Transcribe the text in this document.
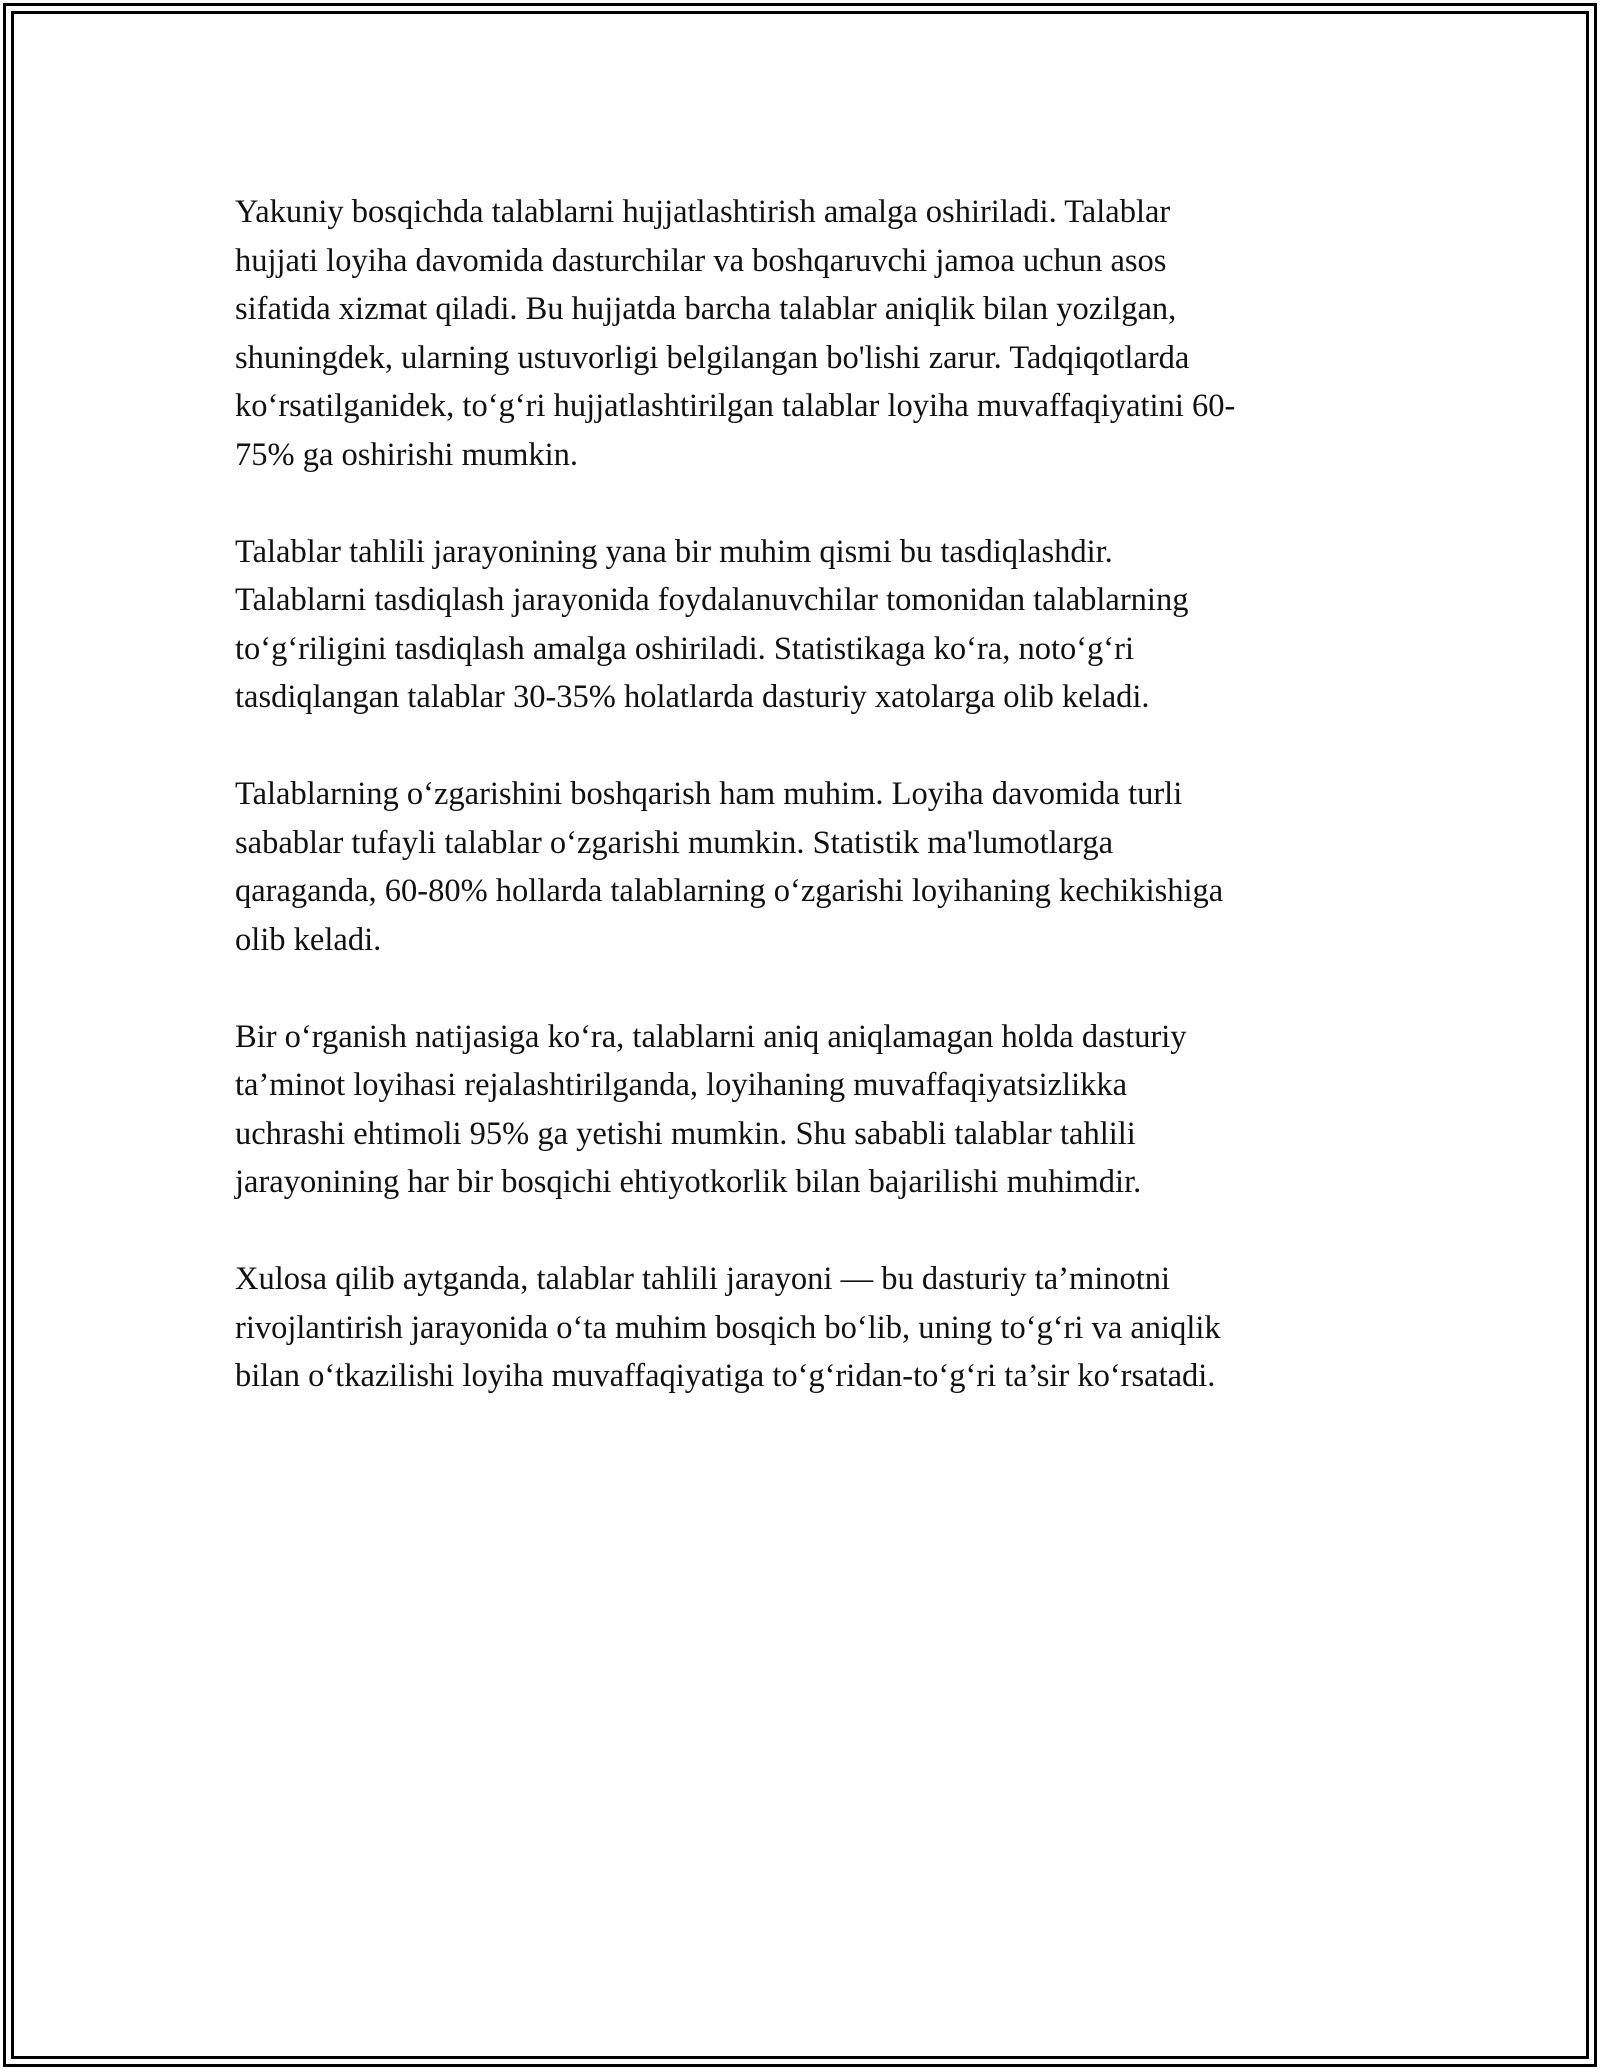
Yakuniy bosqichda talablarni hujjatlashtirish amalga oshiriladi. Talablar
hujjati loyiha davomida dasturchilar va boshqaruvchi jamoa uchun asos
sifatida xizmat qiladi. Bu hujjatda barcha talablar aniqlik bilan yozilgan,
shuningdek, ularning ustuvorligi belgilangan bo'lishi zarur. Tadqiqotlarda
koʻrsatilganidek, toʻgʻri hujjatlashtirilgan talablar loyiha muvaffaqiyatini 60-
75% ga oshirishi mumkin.

Talablar tahlili jarayonining yana bir muhim qismi bu tasdiqlashdir.
Talablarni tasdiqlash jarayonida foydalanuvchilar tomonidan talablarning
toʻgʻriligini tasdiqlash amalga oshiriladi. Statistikaga koʻra, notoʻgʻri
tasdiqlangan talablar 30-35% holatlarda dasturiy xatolarga olib keladi.

Talablarning oʻzgarishini boshqarish ham muhim. Loyiha davomida turli
sabablar tufayli talablar oʻzgarishi mumkin. Statistik ma'lumotlarga
qaraganda, 60-80% hollarda talablarning oʻzgarishi loyihaning kechikishiga
olib keladi.

Bir oʻrganish natijasiga koʻra, talablarni aniq aniqlamagan holda dasturiy
ta’minot loyihasi rejalashtirilganda, loyihaning muvaffaqiyatsizlikka
uchrashi ehtimoli 95% ga yetishi mumkin. Shu sababli talablar tahlili
jarayonining har bir bosqichi ehtiyotkorlik bilan bajarilishi muhimdir.

Xulosa qilib aytganda, talablar tahlili jarayoni — bu dasturiy ta’minotni
rivojlantirish jarayonida oʻta muhim bosqich boʻlib, uning toʻgʻri va aniqlik
bilan oʻtkazilishi loyiha muvaffaqiyatiga toʻgʻridan-toʻgʻri ta’sir koʻrsatadi.
